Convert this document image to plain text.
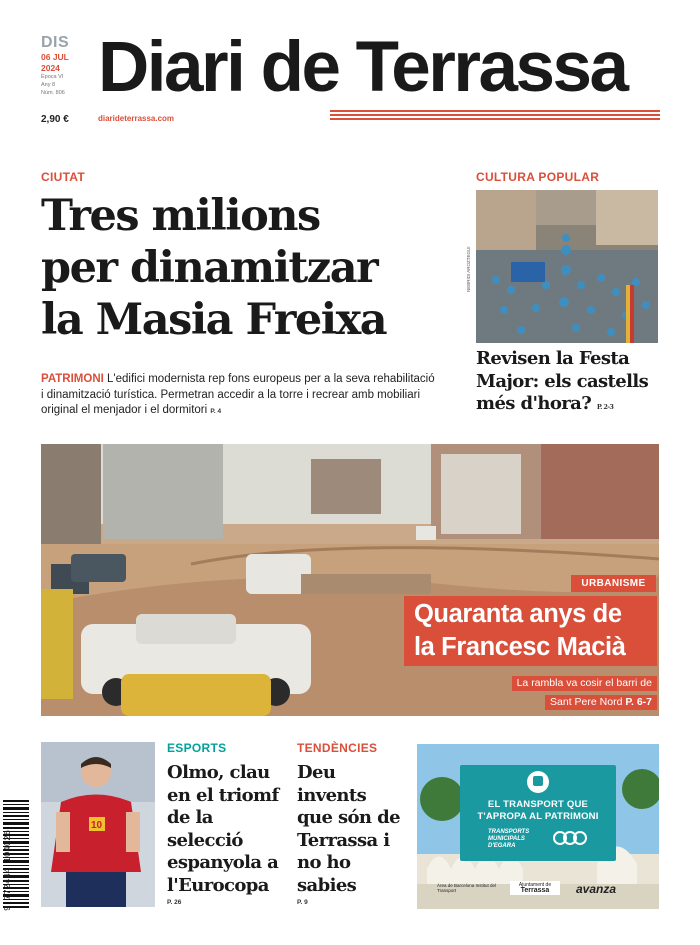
DIS
06 JUL
2024
Època VI
Any 8
Núm. 806
2,90 €
Diari de Terrassa
diarideterrassa.com
CIUTAT
Tres milions
per dinamitzar
la Masia Freixa
PATRIMONI L'edifici modernista rep fons europeus per a la seva rehabilitació i dinamització turística. Permetran accedir a la torre i recrear amb mobiliari original el menjador i el dormitori P. 4
CULTURA POPULAR
NEBRIDI AROZTEGUI
Revisen la Festa Major: els castells més d'hora? P. 2-3
URBANISME
Quaranta anys de
la Francesc Macià
La rambla va cosir el barri de
Sant Pere Nord P. 6-7
10
ESPORTS
Olmo, clau en el triomf de la selecció espanyola a l'Eurocopa
P. 26
TENDÈNCIES
Deu invents que són de Terrassa i no ho sabies
P. 9
EL TRANSPORT QUE
T'APROPA AL PATRIMONI
TRANSPORTS MUNICIPALS D'EGARA
Àrea de Barcelona Institut del Transport
Ajuntament de
Terrassa	avanza
9 772444 104026
